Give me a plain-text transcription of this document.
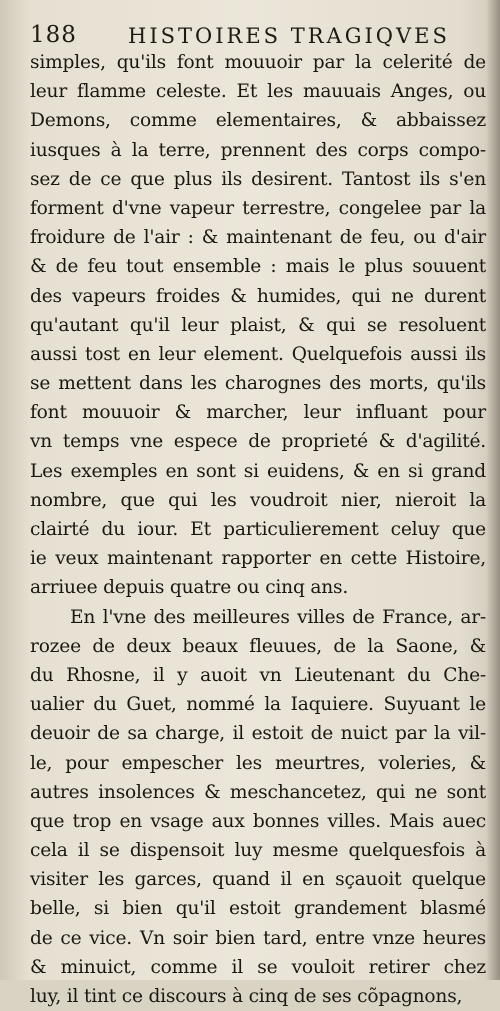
188 HISTOIRES TRAGIQVES
simples, qu'ils font mouuoir par la celerité de
leur flamme celeste. Et les mauuais Anges, ou
Demons, comme elementaires, & abbaissez
iusques à la terre, prennent des corps compo-
sez de ce que plus ils desirent. Tantost ils s'en
forment d'vne vapeur terrestre, congelee par la
froidure de l'air : & maintenant de feu, ou d'air
& de feu tout ensemble : mais le plus souuent
des vapeurs froides & humides, qui ne durent
qu'autant qu'il leur plaist, & qui se resoluent
aussi tost en leur element. Quelquefois aussi ils
se mettent dans les charognes des morts, qu'ils
font mouuoir & marcher, leur influant pour
vn temps vne espece de proprieté & d'agilité.
Les exemples en sont si euidens, & en si grand
nombre, que qui les voudroit nier, nieroit la
clairté du iour. Et particulierement celuy que
ie veux maintenant rapporter en cette Histoire,
arriuee depuis quatre ou cinq ans.
En l'vne des meilleures villes de France, ar-
rozee de deux beaux fleuues, de la Saone, &
du Rhosne, il y auoit vn Lieutenant du Che-
ualier du Guet, nommé la Iaquiere. Suyuant le
deuoir de sa charge, il estoit de nuict par la vil-
le, pour empescher les meurtres, voleries, &
autres insolences & meschancetez, qui ne sont
que trop en vsage aux bonnes villes. Mais auec
cela il se dispensoit luy mesme quelquesfois à
visiter les garces, quand il en sçauoit quelque
belle, si bien qu'il estoit grandement blasmé
de ce vice. Vn soir bien tard, entre vnze heures
& minuict, comme il se vouloit retirer chez
luy, il tint ce discours à cinq de ses cõpagnons,
